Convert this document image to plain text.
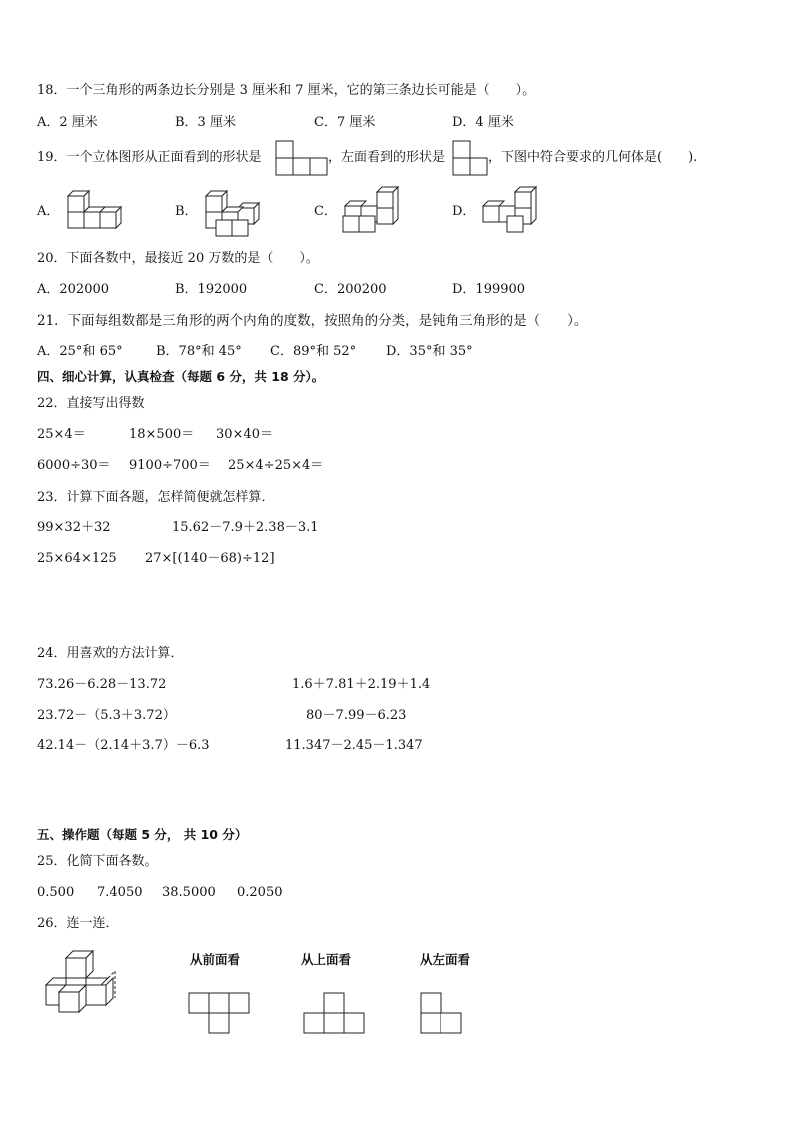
18．一个三角形的两条边长分别是 3 厘米和 7 厘米，它的第三条边长可能是（　　）。
A．2 厘米	B．3 厘米	C．7 厘米	D．4 厘米
19．一个立体图形从正面看到的形状是	，左面看到的形状是	，下图中符合要求的几何体是(　　).
A．	B．	C．	D．
20．下面各数中，最接近 20 万数的是（　　）。
A．202000	B．192000	C．200200	D．199900
21．下面每组数都是三角形的两个内角的度数，按照角的分类，是钝角三角形的是（　　）。
A．25°和 65°	B．78°和 45° C．89°和 52° D．35°和 35°
四、细心计算，认真检查（每题 6 分，共 18 分）。
22．直接写出得数
25×4＝	18×500＝ 30×40＝
6000÷30＝ 9100÷700＝ 25×4÷25×4＝
23．计算下面各题，怎样简便就怎样算．
99×32＋32	15.62－7.9＋2.38－3.1
25×64×125 27×[(140－68)÷12]
24．用喜欢的方法计算．
73.26－6.28－13.72	1.6＋7.81＋2.19＋1.4
23.72－（5.3＋3.72）	80－7.99－6.23
42.14－（2.14＋3.7）－6.3	11.347－2.45－1.347
五、操作题（每题 5 分， 共 10 分）
25．化简下面各数。
0.500 7.4050 38.5000 0.2050
26．连一连．
从前面看	从上面看	从左面看
